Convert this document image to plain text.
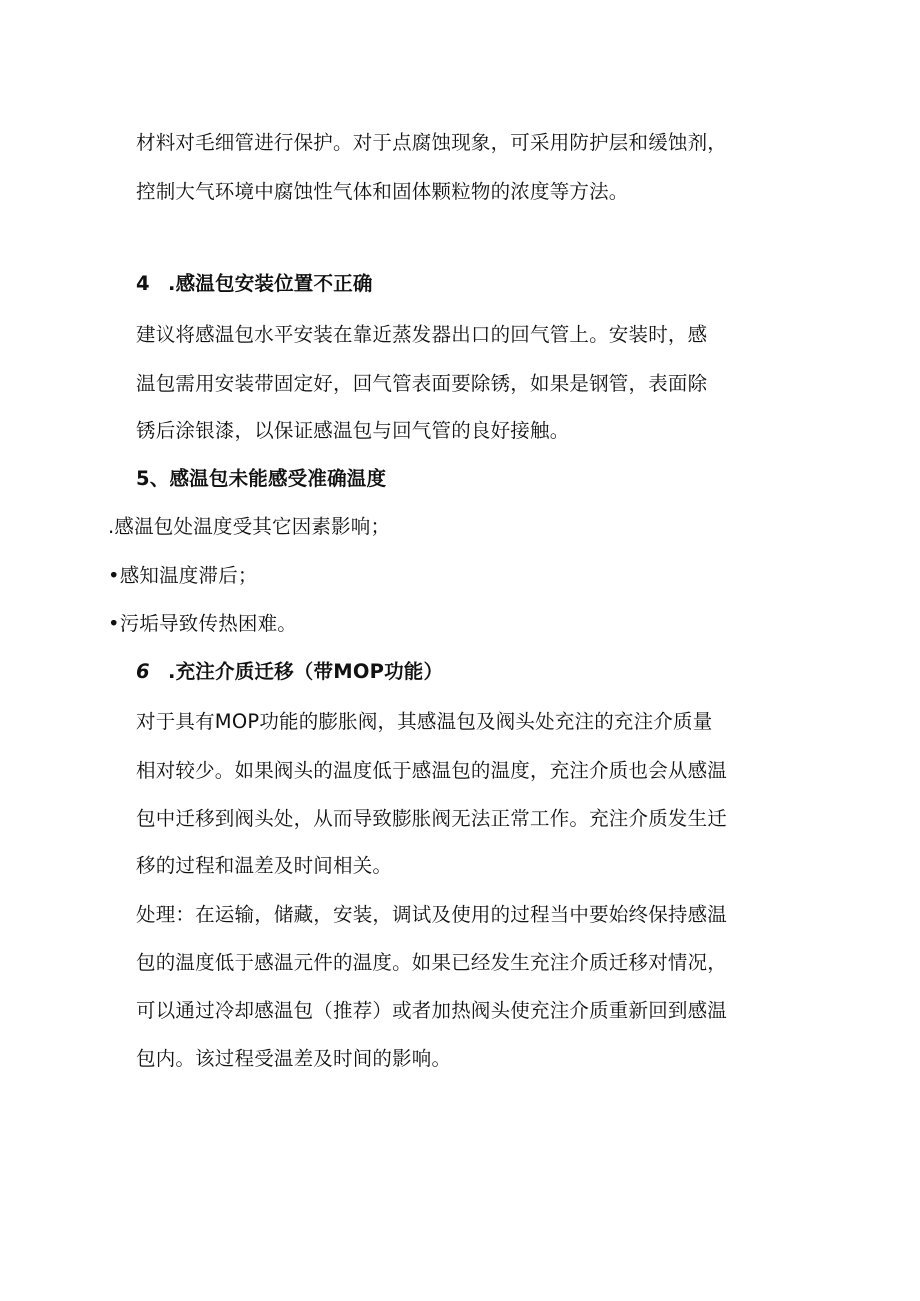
材料对毛细管进行保护。对于点腐蚀现象，可采用防护层和缓蚀剂，
控制大气环境中腐蚀性气体和固体颗粒物的浓度等方法。
4 .感温包安装位置不正确
建议将感温包水平安装在靠近蒸发器出口的回气管上。安装时，感
温包需用安装带固定好，回气管表面要除锈，如果是钢管，表面除
锈后涂银漆，以保证感温包与回气管的良好接触。
5、感温包未能感受准确温度
.感温包处温度受其它因素影响；
•感知温度滞后；
•污垢导致传热困难。
6 .充注介质迁移（带MOP功能）
对于具有MOP功能的膨胀阀，其感温包及阀头处充注的充注介质量
相对较少。如果阀头的温度低于感温包的温度，充注介质也会从感温
包中迁移到阀头处，从而导致膨胀阀无法正常工作。充注介质发生迁
移的过程和温差及时间相关。
处理：在运输，储藏，安装，调试及使用的过程当中要始终保持感温
包的温度低于感温元件的温度。如果已经发生充注介质迁移对情况，
可以通过冷却感温包（推荐）或者加热阀头使充注介质重新回到感温
包内。该过程受温差及时间的影响。
